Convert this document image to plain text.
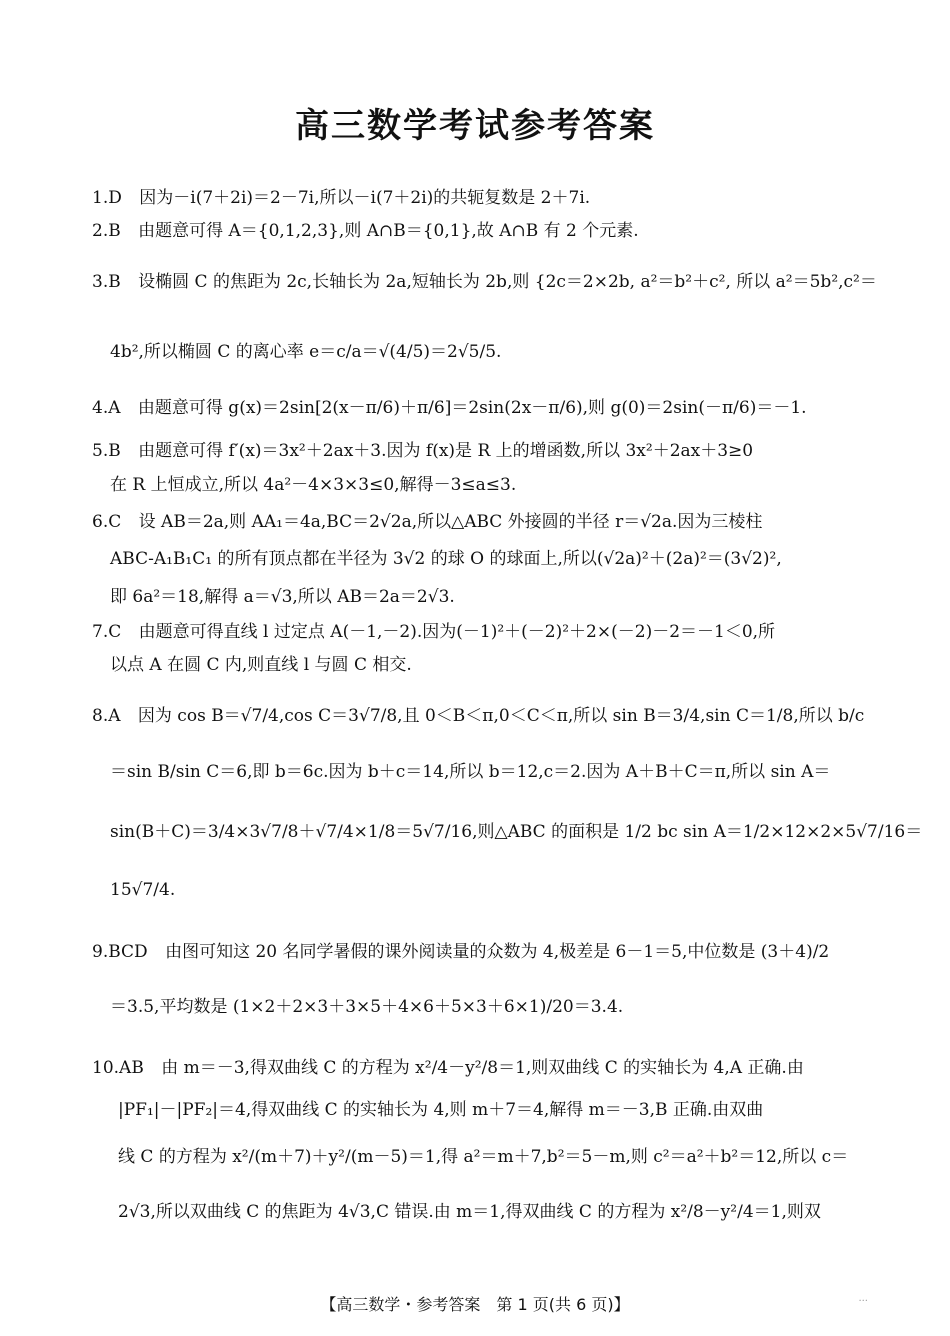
高三数学考试参考答案
1.D 因为－i(7＋2i)＝2－7i,所以－i(7＋2i)的共轭复数是 2＋7i.
2.B 由题意可得 A＝{0,1,2,3},则 A∩B＝{0,1},故 A∩B 有 2 个元素.
3.B 设椭圆 C 的焦距为 2c,长轴长为 2a,短轴长为 2b,则 {2c＝2×2b, a²＝b²＋c², 所以 a²＝5b²,c²＝
4b²,所以椭圆 C 的离心率 e＝c/a＝√(4/5)＝2√5/5.
4.A 由题意可得 g(x)＝2sin[2(x－π/6)＋π/6]＝2sin(2x－π/6),则 g(0)＝2sin(－π/6)＝－1.
5.B 由题意可得 f′(x)＝3x²＋2ax＋3.因为 f(x)是 R 上的增函数,所以 3x²＋2ax＋3≥0
在 R 上恒成立,所以 4a²－4×3×3≤0,解得－3≤a≤3.
6.C 设 AB＝2a,则 AA₁＝4a,BC＝2√2a,所以△ABC 外接圆的半径 r＝√2a.因为三棱柱
ABC-A₁B₁C₁ 的所有顶点都在半径为 3√2 的球 O 的球面上,所以(√2a)²＋(2a)²＝(3√2)²,
即 6a²＝18,解得 a＝√3,所以 AB＝2a＝2√3.
7.C 由题意可得直线 l 过定点 A(－1,－2).因为(－1)²＋(－2)²＋2×(－2)－2＝－1＜0,所
以点 A 在圆 C 内,则直线 l 与圆 C 相交.
8.A 因为 cos B＝√7/4,cos C＝3√7/8,且 0＜B＜π,0＜C＜π,所以 sin B＝3/4,sin C＝1/8,所以 b/c
＝sin B/sin C＝6,即 b＝6c.因为 b＋c＝14,所以 b＝12,c＝2.因为 A＋B＋C＝π,所以 sin A＝
sin(B＋C)＝3/4×3√7/8＋√7/4×1/8＝5√7/16,则△ABC 的面积是 1/2 bc sin A＝1/2×12×2×5√7/16＝
15√7/4.
9.BCD 由图可知这 20 名同学暑假的课外阅读量的众数为 4,极差是 6－1＝5,中位数是 (3＋4)/2
＝3.5,平均数是 (1×2＋2×3＋3×5＋4×6＋5×3＋6×1)/20＝3.4.
10.AB 由 m＝－3,得双曲线 C 的方程为 x²/4－y²/8＝1,则双曲线 C 的实轴长为 4,A 正确.由
|PF₁|－|PF₂|＝4,得双曲线 C 的实轴长为 4,则 m＋7＝4,解得 m＝－3,B 正确.由双曲
线 C 的方程为 x²/(m＋7)＋y²/(m－5)＝1,得 a²＝m＋7,b²＝5－m,则 c²＝a²＋b²＝12,所以 c＝
2√3,所以双曲线 C 的焦距为 4√3,C 错误.由 m＝1,得双曲线 C 的方程为 x²/8－y²/4＝1,则双
【高三数学・参考答案　第 1 页(共 6 页)】	...
